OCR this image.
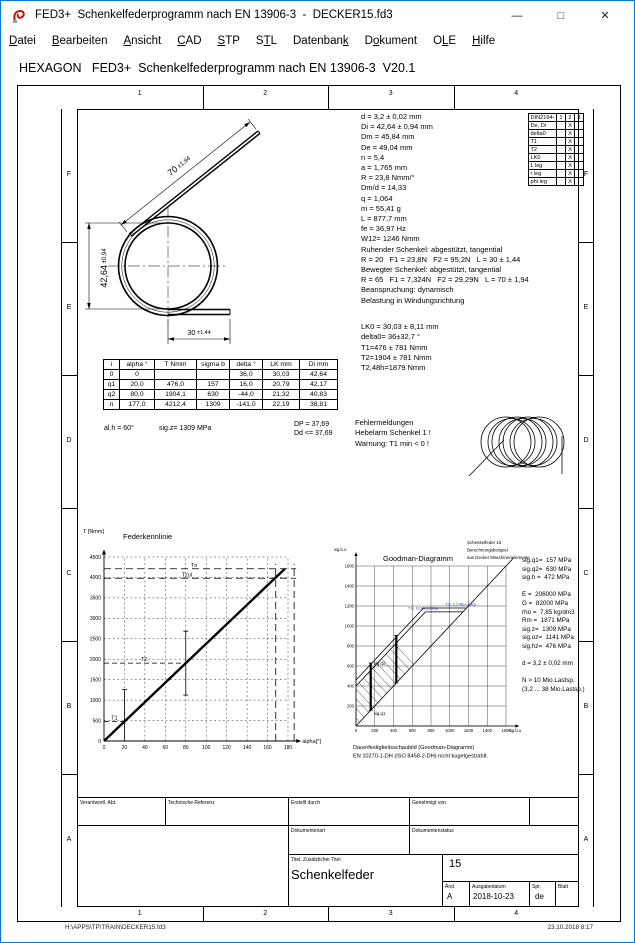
FED3+  Schenkelfederprogramm nach EN 13906-3  -  DECKER15.fd3	—	□	✕
Datei Bearbeiten Ansicht CAD STP STL Datenbank Dokument OLE Hilfe
HEXAGON   FED3+  Schenkelfederprogramm nach EN 13906-3  V20.1
70 ±1,94
30 ±1,44
42,64 ±0,94
d = 3,2 ± 0,02 mm
Di = 42,64 ± 0,94 mm
Dm = 45,84 mm
De = 49,04 mm
n = 5,4
a = 1,765 mm
R = 23,8 Nmm/°
Dm/d = 14,33
q = 1,064
m = 55,41 g
L = 877,7 mm
fe = 36,97 Hz
W12= 1246 Nmm
Ruhender Schenkel: abgestützt, tangential
R = 20   F1 = 23,8N   F2 = 95,2N   L = 30 ± 1,44
Bewegter Schenkel: abgestützt, tangential
R = 65   F1 = 7,324N   F2 = 29,29N   L = 70 ± 1,94
Beanspruchung: dynamisch
Belastung in Windungsrichtung
LK0 = 30,03 ± 8,11 mm
delta0= 36±32,7 °
T1=476 ± 781 Nmm
T2=1904 ± 781 Nmm
T2,48h=1879 Nmm
Fehlermeldungen
Hebelarm Schenkel 1 !
Warnung: T1 min < 0 !
sig.q1=  157 MPa
sig.q2=  630 MPa
sig.h =  472 MPa

E =  206000 MPa
G =  82000 MPa
rho =  7,85 kg/dm3
Rm =  1871 MPa
sig.z=  1309 MPa
sig.oz=  1141 MPa
sig.hz=  476 MPa

d = 3,2 ± 0,02 mm

N > 10 Mio.Lastsp.
(3,2 ... 38 Mio.Lastsp.)
DIN2194-	1	2	3
De, Di		X	
delta0		X	
T1		X	
T2		X	
LK0		X	
L leg		X	
r leg		X	
phi leg		X	
i	alpha °	T Nmm	sigma b	delta °	LK mm	Di mm
0	0			36,0	30,03	42,64
q1	20,0	476,0	157	16,0	20,79	42,17
q2	80,0	1904,1	630	-44,0	21,32	40,83
n	177,0	4212,4	1309	-141,0	22,19	38,81
al.h = 60°	sig.z= 1309 MPa
DP = 37,69
Dd <= 37,69
0	20	40	60	80	100 120 140 160 180
0
500
1000
1500
2000
2500
3000
3500
4000
4500
Tn
Tzul
T2
T1
Federkennlinie
T [Nmm]
alpha[°]
0	200
200
400
400
600
600
800
800
1000
1000
1200
1200
1400
1400
1600
1600
T.O. 10 Mio.Lastsp.
T.O. 3,2 Mio.Lastsp.
sig.q2
sig.q1
Goodman-Diagramm
sig.b.o
sig.b.u
Schenkelfeder 15
Berechnungsbeispiel
aus Decker Maschinenelemente
Dauerfestigkeitsschaubild (Goodman-Diagramm)
EN 10270-1-DH (ISO 8458-2-DH) nicht kugelgestrahlt.
Verantwortl. Abt.	Technische Referenz	Erstellt durch	Genehmigt von
Dokumentenart	Dokumentenstatus
Titel, Zusätzlicher Titel
Schenkelfeder
15
Änd.
A
Ausgabedatum
2018-10-23
Spr.
de
Blatt
H:\APPS\TP\TRAIN\DECKER15.fd3	23.10.2018 8:17
1
1
2
2
3
3
4
4
F	F
E	E
D	D
C	C
B	B
A	A
